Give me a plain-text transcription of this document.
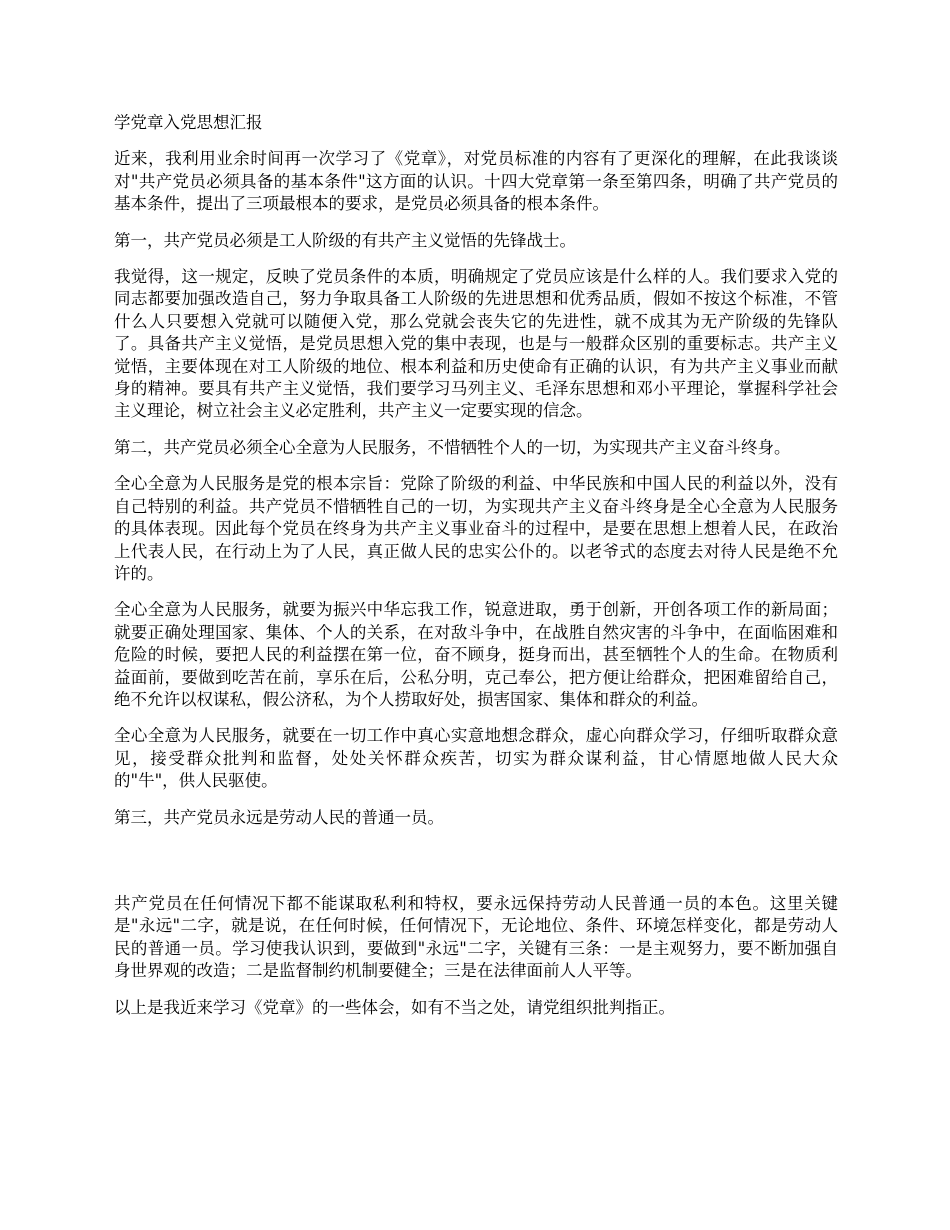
学党章入党思想汇报

近来，我利用业余时间再一次学习了《党章》，对党员标准的内容有了更深化的理解，在此我谈谈对"共产党员必须具备的基本条件"这方面的认识。十四大党章第一条至第四条，明确了共产党员的基本条件，提出了三项最根本的要求，是党员必须具备的根本条件。

第一，共产党员必须是工人阶级的有共产主义觉悟的先锋战士。

我觉得，这一规定，反映了党员条件的本质，明确规定了党员应该是什么样的人。我们要求入党的同志都要加强改造自己，努力争取具备工人阶级的先进思想和优秀品质，假如不按这个标准，不管什么人只要想入党就可以随便入党，那么党就会丧失它的先进性，就不成其为无产阶级的先锋队了。具备共产主义觉悟，是党员思想入党的集中表现，也是与一般群众区别的重要标志。共产主义觉悟，主要体现在对工人阶级的地位、根本利益和历史使命有正确的认识，有为共产主义事业而献身的精神。要具有共产主义觉悟，我们要学习马列主义、毛泽东思想和邓小平理论，掌握科学社会主义理论，树立社会主义必定胜利，共产主义一定要实现的信念。

第二，共产党员必须全心全意为人民服务，不惜牺牲个人的一切，为实现共产主义奋斗终身。

全心全意为人民服务是党的根本宗旨：党除了阶级的利益、中华民族和中国人民的利益以外，没有自己特别的利益。共产党员不惜牺牲自己的一切，为实现共产主义奋斗终身是全心全意为人民服务的具体表现。因此每个党员在终身为共产主义事业奋斗的过程中，是要在思想上想着人民，在政治上代表人民，在行动上为了人民，真正做人民的忠实公仆的。以老爷式的态度去对待人民是绝不允许的。

全心全意为人民服务，就要为振兴中华忘我工作，锐意进取，勇于创新，开创各项工作的新局面；就要正确处理国家、集体、个人的关系，在对敌斗争中，在战胜自然灾害的斗争中，在面临困难和危险的时候，要把人民的利益摆在第一位，奋不顾身，挺身而出，甚至牺牲个人的生命。在物质利益面前，要做到吃苦在前，享乐在后，公私分明，克己奉公，把方便让给群众，把困难留给自己，绝不允许以权谋私，假公济私，为个人捞取好处，损害国家、集体和群众的利益。

全心全意为人民服务，就要在一切工作中真心实意地想念群众，虚心向群众学习，仔细听取群众意见，接受群众批判和监督，处处关怀群众疾苦，切实为群众谋利益，甘心情愿地做人民大众的"牛"，供人民驱使。

第三，共产党员永远是劳动人民的普通一员。

共产党员在任何情况下都不能谋取私利和特权，要永远保持劳动人民普通一员的本色。这里关键是"永远"二字，就是说，在任何时候，任何情况下，无论地位、条件、环境怎样变化，都是劳动人民的普通一员。学习使我认识到，要做到"永远"二字，关键有三条：一是主观努力，要不断加强自身世界观的改造；二是监督制约机制要健全；三是在法律面前人人平等。

以上是我近来学习《党章》的一些体会，如有不当之处，请党组织批判指正。
